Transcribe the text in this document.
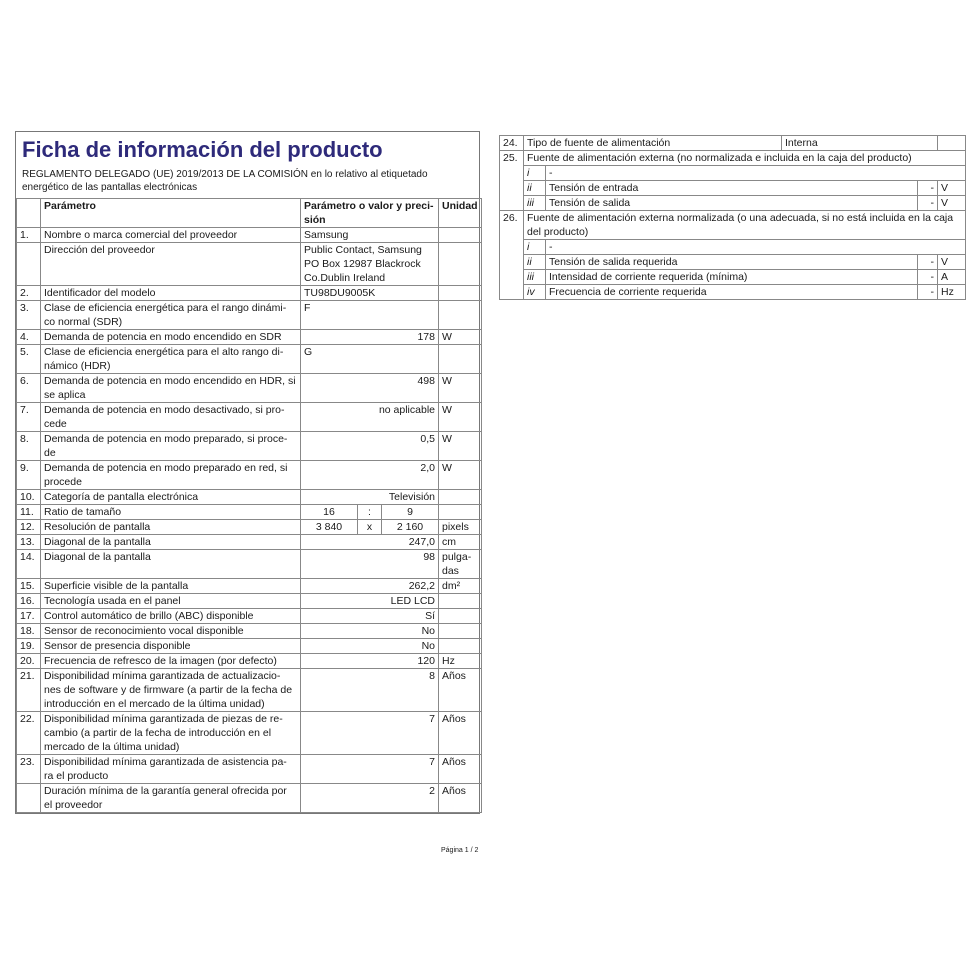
Ficha de información del producto
REGLAMENTO DELEGADO (UE) 2019/2013 DE LA COMISIÓN en lo relativo al etiquetado energético de las pantallas electrónicas
	Parámetro	Parámetro o valor y preci- sión			Unidad
1.	Nombre o marca comercial del proveedor	Samsung			
	Dirección del proveedor	Public Contact, Samsung PO Box 12987 Blackrock Co.Dublin Ireland			
2.	Identificador del modelo	TU98DU9005K			
3.	Clase de eficiencia energética para el rango dinámi- co normal (SDR)	F			
4.	Demanda de potencia en modo encendido en SDR	178			W
5.	Clase de eficiencia energética para el alto rango di- námico (HDR)	G			
6.	Demanda de potencia en modo encendido en HDR, si se aplica	498			W
7.	Demanda de potencia en modo desactivado, si pro- cede	no aplicable			W
8.	Demanda de potencia en modo preparado, si proce- de	0,5			W
9.	Demanda de potencia en modo preparado en red, si procede	2,0			W
10.	Categoría de pantalla electrónica	Televisión			
11.	Ratio de tamaño	16	:	9	
12.	Resolución de pantalla	3 840	x	2 160	pixels
13.	Diagonal de la pantalla	247,0			cm
14.	Diagonal de la pantalla	98			pulga- das
15.	Superficie visible de la pantalla	262,2			dm²
16.	Tecnología usada en el panel	LED LCD			
17.	Control automático de brillo (ABC) disponible	Sí			
18.	Sensor de reconocimiento vocal disponible	No			
19.	Sensor de presencia disponible	No			
20.	Frecuencia de refresco de la imagen (por defecto)	120			Hz
21.	Disponibilidad mínima garantizada de actualizacio- nes de software y de firmware (a partir de la fecha de introducción en el mercado de la última unidad)	8			Años
22.	Disponibilidad mínima garantizada de piezas de re- cambio (a partir de la fecha de introducción en el mercado de la última unidad)	7			Años
23.	Disponibilidad mínima garantizada de asistencia pa- ra el producto	7			Años
	Duración mínima de la garantía general ofrecida por el proveedor	2			Años
Página 1 / 2
24.	Tipo de fuente de alimentación		Interna		
25.	Fuente de alimentación externa (no normalizada e incluida en la caja del producto)				
	i	-			
	ii	Tensión de entrada		-	V
	iii	Tensión de salida		-	V
26.	Fuente de alimentación externa normalizada (o una adecuada, si no está incluida en la caja del producto)				
	i	-			
	ii	Tensión de salida requerida		-	V
	iii	Intensidad de corriente requerida (mínima)		-	A
	iv	Frecuencia de corriente requerida		-	Hz
